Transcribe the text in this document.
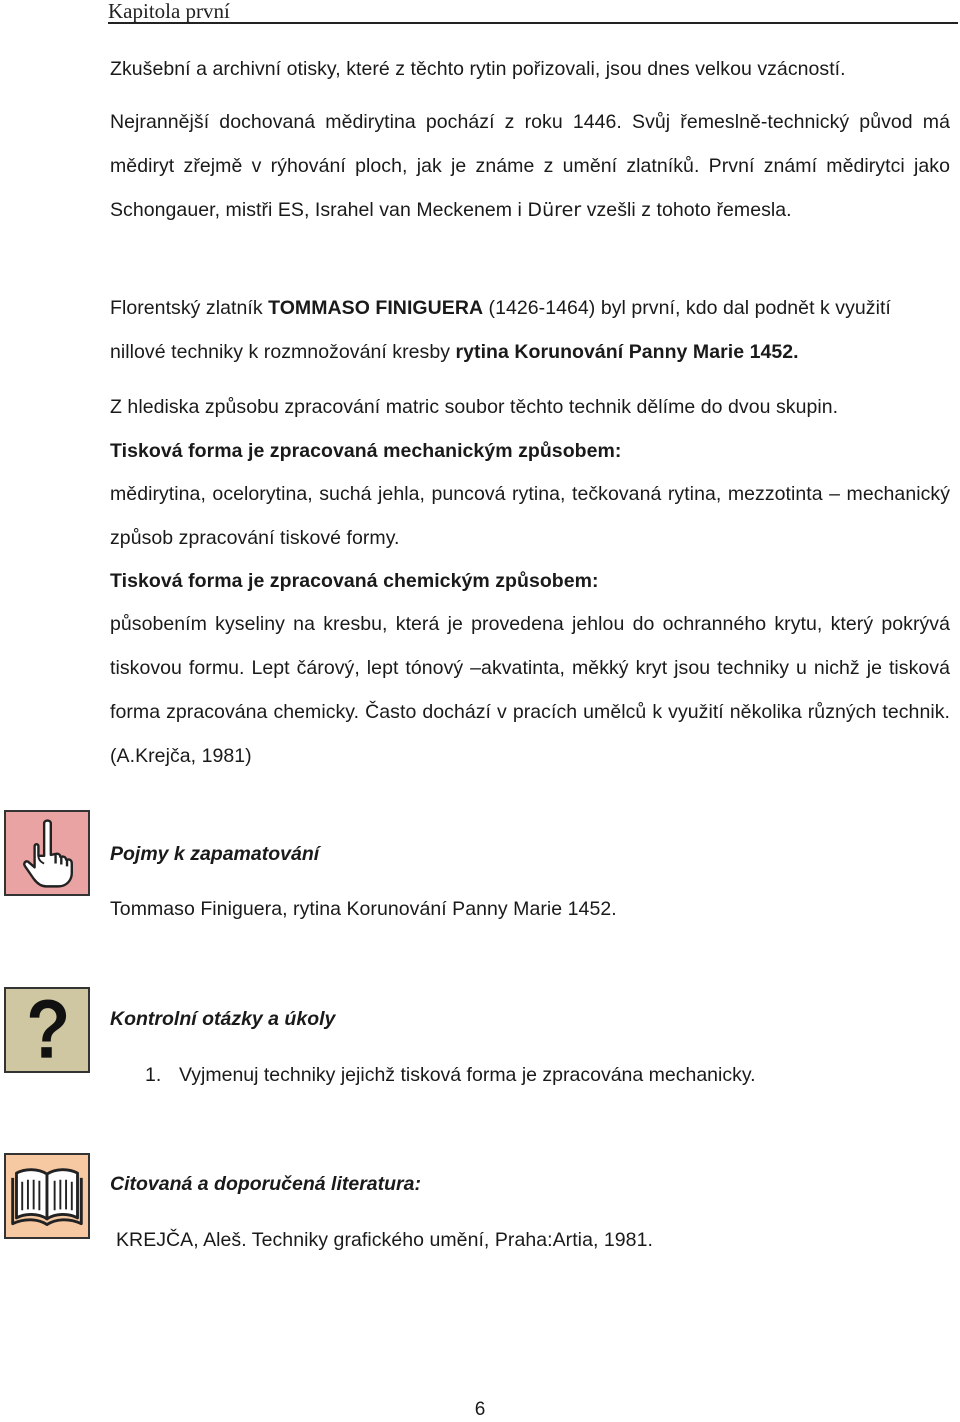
Kapitola první

Zkušební a archivní otisky, které z těchto rytin pořizovali, jsou dnes velkou vzácností.

Nejrannější dochovaná mědirytina pochází z roku 1446. Svůj řemeslně-technický původ má mědiryt zřejmě v rýhování ploch, jak je známe z umění zlatníků. První známí mědirytci jako Schongauer, mistři ES, Israhel van Meckenem i Dürer vzešli z tohoto řemesla.

Florentský zlatník TOMMASO FINIGUERA (1426-1464) byl první, kdo dal podnět k využití nillové techniky k rozmnožování kresby rytina Korunování Panny Marie 1452.

Z hlediska způsobu zpracování matric soubor těchto technik dělíme do dvou skupin.

Tisková forma je zpracovaná mechanickým způsobem:

mědirytina, ocelorytina, suchá jehla, puncová rytina, tečkovaná rytina, mezzotinta – mechanický způsob zpracování tiskové formy.

Tisková forma je zpracovaná chemickým způsobem:

působením kyseliny na kresbu, která je provedena jehlou do ochranného krytu, který pokrývá tiskovou formu. Lept čárový, lept tónový –akvatinta, měkký kryt jsou techniky u nichž je tisková forma zpracována chemicky. Často dochází v pracích umělců k využití několika různých technik. (A.Krejča, 1981)

Pojmy k zapamatování

Tommaso Finiguera, rytina Korunování Panny Marie 1452.

Kontrolní otázky a úkoly

1. Vyjmenuj techniky jejichž tisková forma je zpracována mechanicky.

Citovaná a doporučená literatura:

KREJČA, Aleš. Techniky grafického umění, Praha:Artia, 1981.

6
